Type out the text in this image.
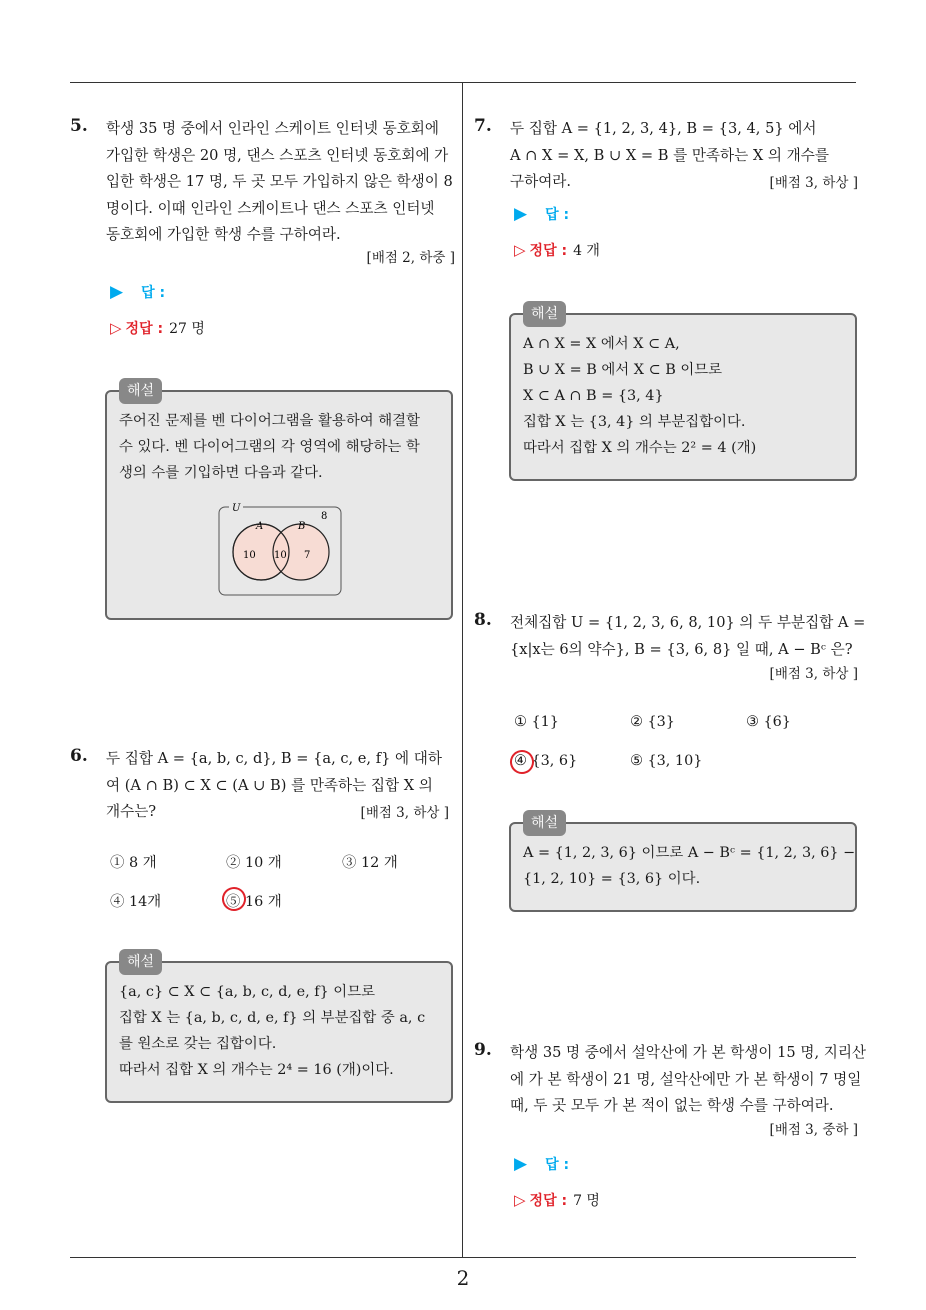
2
5. 학생 35 명 중에서 인라인 스케이트 인터넷 동호회에
가입한 학생은 20 명, 댄스 스포츠 인터넷 동호회에 가
입한 학생은 17 명, 두 곳 모두 가입하지 않은 학생이 8
명이다. 이때 인라인 스케이트나 댄스 스포츠 인터넷
동호회에 가입한 학생 수를 구하여라.
[배점 2, 하중 ]
▶ 답 :
▷ 정답 : 27 명
해설
주어진 문제를 벤 다이어그램을 활용하여 해결할
수 있다. 벤 다이어그램의 각 영역에 해당하는 학
생의 수를 기입하면 다음과 같다.
U
A	B
8
10 10 7
6. 두 집합 A = {a, b, c, d}, B = {a, c, e, f} 에 대하
여 (A ∩ B) ⊂ X ⊂ (A ∪ B) 를 만족하는 집합 X 의
개수는?	[배점 3, 하상 ]
① 8 개	② 10 개	③ 12 개
④ 14개	⑤ 16 개
해설
{a, c} ⊂ X ⊂ {a, b, c, d, e, f} 이므로
집합 X 는 {a, b, c, d, e, f} 의 부분집합 중 a, c
를 원소로 갖는 집합이다.
따라서 집합 X 의 개수는 2⁴ = 16 (개)이다.
7. 두 집합 A = {1, 2, 3, 4}, B = {3, 4, 5} 에서
A ∩ X = X, B ∪ X = B 를 만족하는 X 의 개수를
구하여라.	[배점 3, 하상 ]
▶ 답 :
▷ 정답 : 4 개
해설
A ∩ X = X 에서 X ⊂ A,
B ∪ X = B 에서 X ⊂ B 이므로
X ⊂ A ∩ B = {3, 4}
집합 X 는 {3, 4} 의 부분집합이다.
따라서 집합 X 의 개수는 2² = 4 (개)
8. 전체집합 U = {1, 2, 3, 6, 8, 10} 의 두 부분집합 A =
{x|x는 6의 약수}, B = {3, 6, 8} 일 때, A − Bᶜ 은?
[배점 3, 하상 ]
① {1}	② {3}	③ {6}
④ {3, 6}	⑤ {3, 10}
해설
A = {1, 2, 3, 6} 이므로 A − Bᶜ = {1, 2, 3, 6} −
{1, 2, 10} = {3, 6} 이다.
9. 학생 35 명 중에서 설악산에 가 본 학생이 15 명, 지리산
에 가 본 학생이 21 명, 설악산에만 가 본 학생이 7 명일
때, 두 곳 모두 가 본 적이 없는 학생 수를 구하여라.
[배점 3, 중하 ]
▶ 답 :
▷ 정답 : 7 명
